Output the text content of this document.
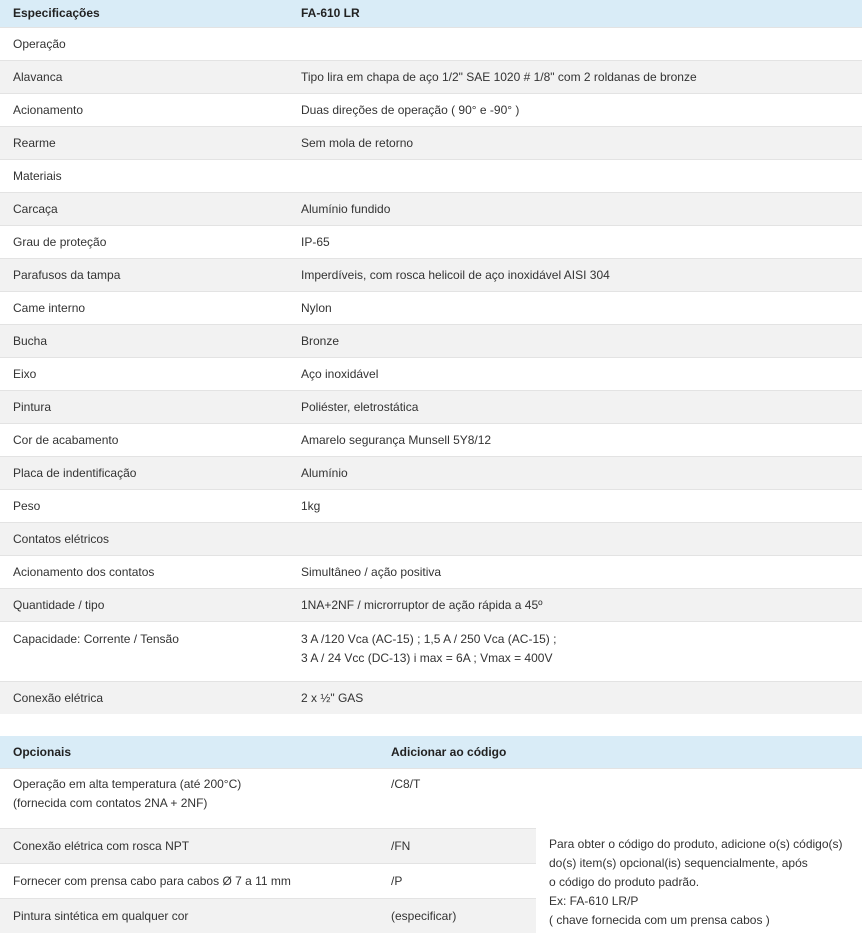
Especificações	FA-610 LR
Operação	
Alavanca	Tipo lira em chapa de aço 1/2" SAE 1020 # 1/8" com 2 roldanas de bronze
Acionamento	Duas direções de operação ( 90° e -90° )
Rearme	Sem mola de retorno
Materiais	
Carcaça	Alumínio fundido
Grau de proteção	IP-65
Parafusos da tampa	Imperdíveis, com rosca helicoil de aço inoxidável AISI 304
Came interno	Nylon
Bucha	Bronze
Eixo	Aço inoxidável
Pintura	Poliéster, eletrostática
Cor de acabamento	Amarelo segurança Munsell 5Y8/12
Placa de indentificação	Alumínio
Peso	1kg
Contatos elétricos	
Acionamento dos contatos	Simultâneo / ação positiva
Quantidade / tipo	1NA+2NF / microrruptor de ação rápida a 45º
Capacidade: Corrente / Tensão	3 A /120 Vca (AC-15) ; 1,5 A / 250 Vca (AC-15) ;
3 A / 24 Vcc (DC-13) i max = 6A ; Vmax = 400V

Conexão elétrica	2 x ½" GAS
Opcionais	Adicionar ao código	

Operação em alta temperatura (até 200°C)
(fornecida com contatos 2NA + 2NF)	/C8/T	
Conexão elétrica com rosca NPT	/FN	Para obter o código do produto, adicione o(s) código(s)
do(s) item(s) opcional(is) sequencialmente, após
o código do produto padrão.
Ex: FA-610 LR/P
( chave fornecida com um prensa cabos )

Fornecer com prensa cabo para cabos Ø 7 a 11 mm	/P	
Pintura sintética em qualquer cor	(especificar)	
